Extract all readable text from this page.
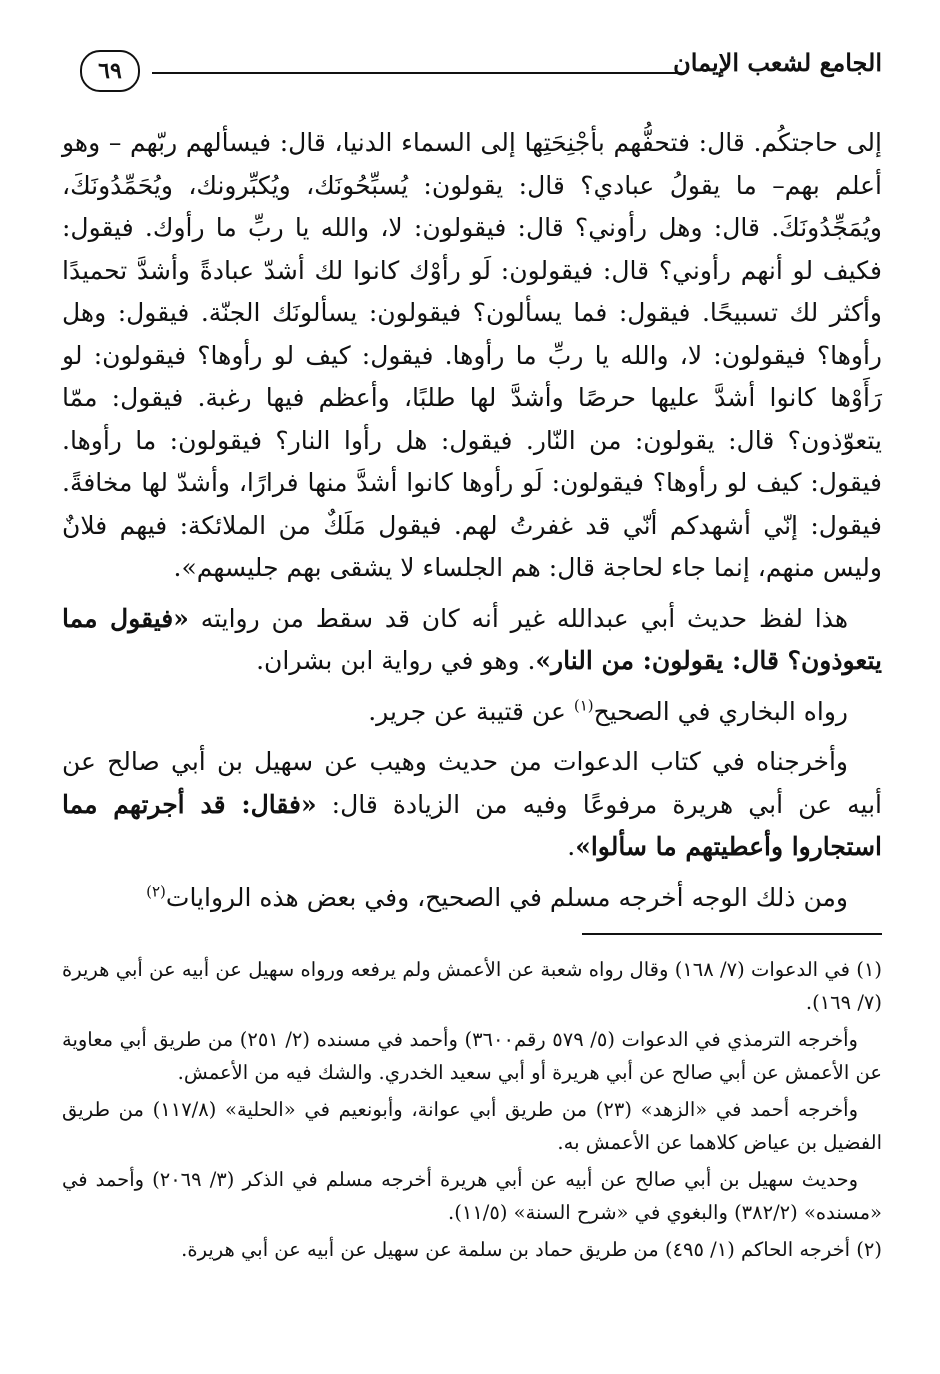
الجامع لشعب الإيمان
٦٩

إلى حاجتكُم. قال: فتحفُّهم بأجْنِحَتِها إلى السماء الدنيا، قال: فيسألهم ربّهم – وهو أعلم بهم– ما يقولُ عبادي؟ قال: يقولون: يُسبِّحُونَك، ويُكبِّرونك، ويُحَمِّدُونَكَ، ويُمَجِّدُونَكَ. قال: وهل رأوني؟ قال: فيقولون: لا، والله يا ربِّ ما رأوك. فيقول: فكيف لو أنهم رأوني؟ قال: فيقولون: لَو رأوْك كانوا لك أشدّ عبادةً وأشدَّ تحميدًا وأكثر لك تسبيحًا. فيقول: فما يسألون؟ فيقولون: يسألونَك الجنّة. فيقول: وهل رأوها؟ فيقولون: لا، والله يا ربِّ ما رأوها. فيقول: كيف لو رأوها؟ فيقولون: لو رَأَوْها كانوا أشدَّ عليها حرصًا وأشدَّ لها طلبًا، وأعظم فيها رغبة. فيقول: ممّا يتعوّذون؟ قال: يقولون: من النّار. فيقول: هل رأوا النار؟ فيقولون: ما رأوها. فيقول: كيف لو رأوها؟ فيقولون: لَو رأوها كانوا أشدَّ منها فرارًا، وأشدّ لها مخافةً. فيقول: إنّي أشهدكم أنّي قد غفرتُ لهم. فيقول مَلَكٌ من الملائكة: فيهم فلانٌ وليس منهم، إنما جاء لحاجة قال: هم الجلساء لا يشقى بهم جليسهم».

هذا لفظ حديث أبي عبدالله غير أنه كان قد سقط من روايته «فيقول مما يتعوذون؟ قال: يقولون: من النار». وهو في رواية ابن بشران.

رواه البخاري في الصحيح$^{(١)}$ عن قتيبة عن جرير.

وأخرجناه في كتاب الدعوات من حديث وهيب عن سهيل بن أبي صالح عن أبيه عن أبي هريرة مرفوعًا وفيه من الزيادة قال: «فقال: قد أجرتهم مما استجاروا وأعطيتهم ما سألوا».

ومن ذلك الوجه أخرجه مسلم في الصحيح، وفي بعض هذه الروايات$^{(٢)}$

(١) في الدعوات (٧/ ١٦٨) وقال رواه شعبة عن الأعمش ولم يرفعه ورواه سهيل عن أبيه عن أبي هريرة (٧/ ١٦٩).

وأخرجه الترمذي في الدعوات (٥/ ٥٧٩ رقم٣٦٠٠) وأحمد في مسنده (٢/ ٢٥١) من طريق أبي معاوية عن الأعمش عن أبي صالح عن أبي هريرة أو أبي سعيد الخدري. والشك فيه من الأعمش.

وأخرجه أحمد في «الزهد» (٢٣) من طريق أبي عوانة، وأبونعيم في «الحلية» (١١٧/٨) من طريق الفضيل بن عياض كلاهما عن الأعمش به.

وحديث سهيل بن أبي صالح عن أبيه عن أبي هريرة أخرجه مسلم في الذكر (٣/ ٢٠٦٩) وأحمد في «مسنده» (٣٨٢/٢) والبغوي في «شرح السنة» (١١/٥).

(٢) أخرجه الحاكم (١/ ٤٩٥) من طريق حماد بن سلمة عن سهيل عن أبيه عن أبي هريرة.
